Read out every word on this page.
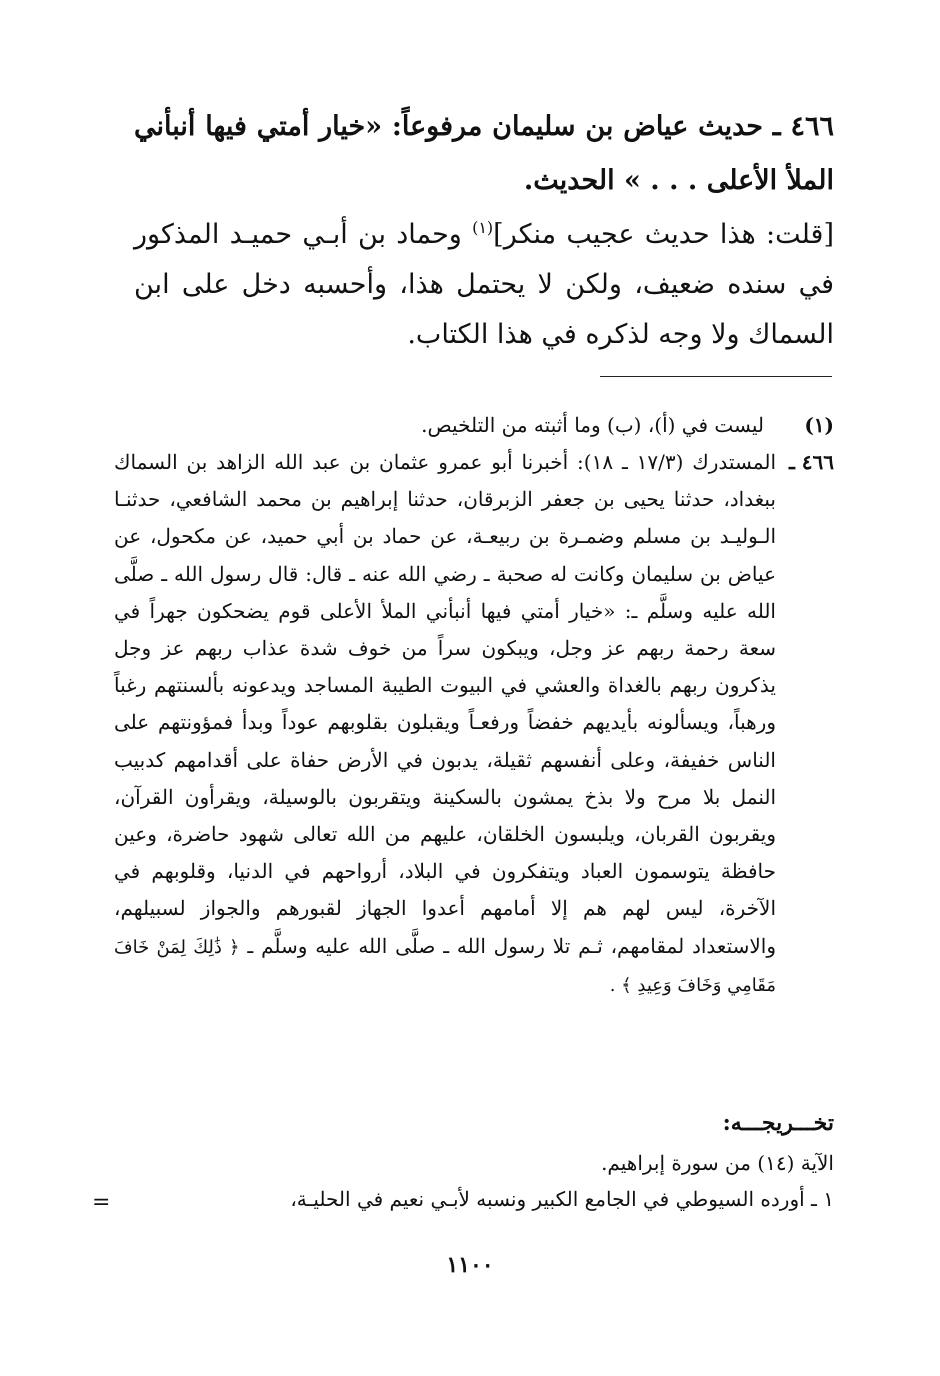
٤٦٦ ـ حديث عياض بن سليمان مرفوعاً: «خيار أمتي فيها أنبأني الملأ الأعلى . . . » الحديث.
[قلت: هذا حديث عجيب منكر]$^{(١)}$ وحماد بن أبـي حميـد المذكور في سنده ضعيف، ولكن لا يحتمل هذا، وأحسبه دخل على ابن السماك ولا وجه لذكره في هذا الكتاب.
(١)
ليست في (أ)، (ب) وما أثبته من التلخيص.
٤٦٦ ـ
المستدرك (١٧/٣ ـ ١٨): أخبرنا أبو عمرو عثمان بن عبد الله الزاهد بن السماك ببغداد، حدثنا يحيى بن جعفر الزبرقان، حدثنا إبراهيم بن محمد الشافعي، حدثنـا الـوليـد بن مسلم وضمـرة بن ربيعـة، عن حماد بن أبي حميد، عن مكحول، عن عياض بن سليمان وكانت له صحبة ـ رضي الله عنه ـ قال: قال رسول الله ـ صلَّى الله عليه وسلَّم ـ: «خيار أمتي فيها أنبأني الملأ الأعلى قوم يضحكون جهراً في سعة رحمة ربهم عز وجل، ويبكون سراً من خوف شدة عذاب ربهم عز وجل يذكرون ربهم بالغداة والعشي في البيوت الطيبة المساجد ويدعونه بألسنتهم رغباً ورهباً، ويسألونه بأيديهم خفضاً ورفعـاً ويقبلون بقلوبهم عوداً وبدأ فمؤونتهم على الناس خفيفة، وعلى أنفسهم ثقيلة، يدبون في الأرض حفاة على أقدامهم كدبيب النمل بلا مرح ولا بذخ يمشون بالسكينة ويتقربون بالوسيلة، ويقرأون القرآن، ويقربون القربان، ويلبسون الخلقان، عليهم من الله تعالى شهود حاضرة، وعين حافظة يتوسمون العباد ويتفكرون في البلاد، أرواحهم في الدنيا، وقلوبهم في الآخرة، ليس لهم هم إلا أمامهم أعدوا الجهاز لقبورهم والجواز لسبيلهم، والاستعداد لمقامهم، ثـم تلا رسول الله ـ صلَّى الله عليه وسلَّم ـ ﴿ ذَٰلِكَ لِمَنْ خَافَ مَقَامِي وَخَافَ وَعِيدِ ﴾ .
تخـــريجـــه:
الآية (١٤) من سورة إبراهيم.
١ ـ أورده السيوطي في الجامع الكبير ونسبه لأبـي نعيم في الحليـة،
=
١١٠٠
